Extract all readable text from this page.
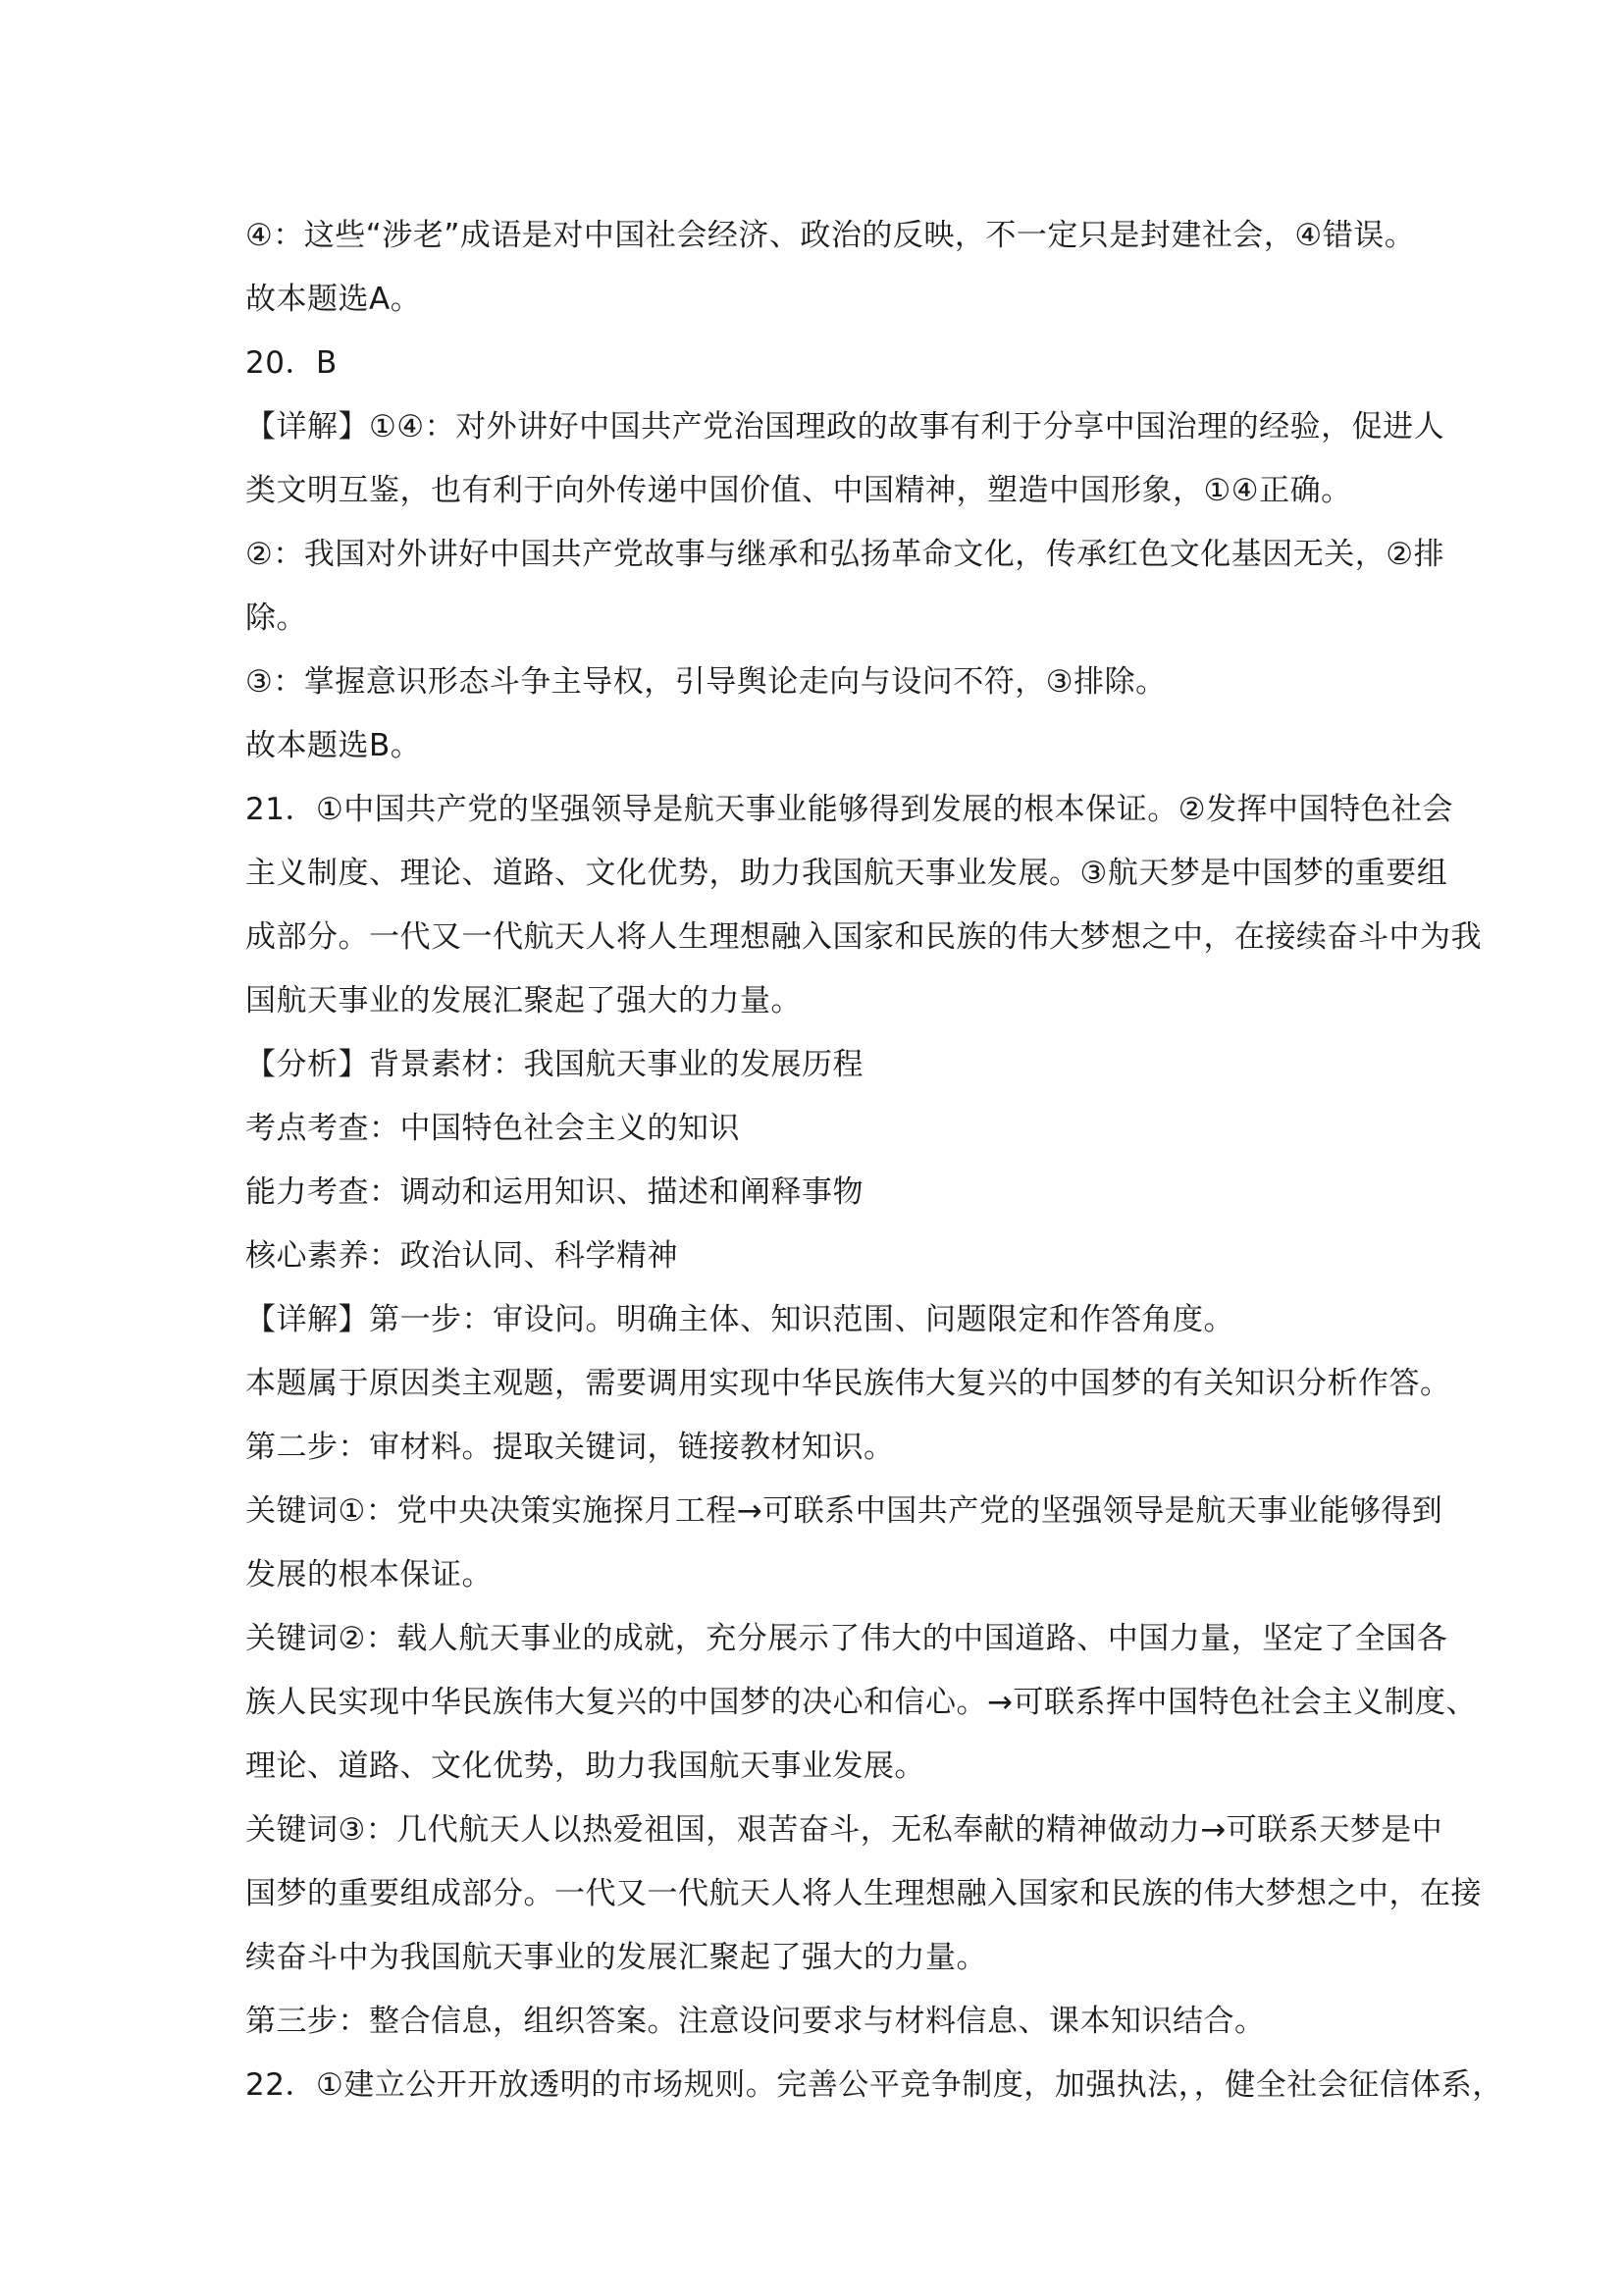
④：这些“涉老”成语是对中国社会经济、政治的反映，不一定只是封建社会，④错误。
故本题选A。
20．B
【详解】①④：对外讲好中国共产党治国理政的故事有利于分享中国治理的经验，促进人
类文明互鉴，也有利于向外传递中国价值、中国精神，塑造中国形象，①④正确。
②：我国对外讲好中国共产党故事与继承和弘扬革命文化，传承红色文化基因无关，②排
除。
③：掌握意识形态斗争主导权，引导舆论走向与设问不符，③排除。
故本题选B。
21．①中国共产党的坚强领导是航天事业能够得到发展的根本保证。②发挥中国特色社会
主义制度、理论、道路、文化优势，助力我国航天事业发展。③航天梦是中国梦的重要组
成部分。一代又一代航天人将人生理想融入国家和民族的伟大梦想之中，在接续奋斗中为我
国航天事业的发展汇聚起了强大的力量。
【分析】背景素材：我国航天事业的发展历程
考点考查：中国特色社会主义的知识
能力考查：调动和运用知识、描述和阐释事物
核心素养：政治认同、科学精神
【详解】第一步：审设问。明确主体、知识范围、问题限定和作答角度。
本题属于原因类主观题，需要调用实现中华民族伟大复兴的中国梦的有关知识分析作答。
第二步：审材料。提取关键词，链接教材知识。
关键词①：党中央决策实施探月工程→可联系中国共产党的坚强领导是航天事业能够得到
发展的根本保证。
关键词②：载人航天事业的成就，充分展示了伟大的中国道路、中国力量，坚定了全国各
族人民实现中华民族伟大复兴的中国梦的决心和信心。→可联系挥中国特色社会主义制度、
理论、道路、文化优势，助力我国航天事业发展。
关键词③：几代航天人以热爱祖国，艰苦奋斗，无私奉献的精神做动力→可联系天梦是中
国梦的重要组成部分。一代又一代航天人将人生理想融入国家和民族的伟大梦想之中，在接
续奋斗中为我国航天事业的发展汇聚起了强大的力量。
第三步：整合信息，组织答案。注意设问要求与材料信息、课本知识结合。
22．①建立公开开放透明的市场规则。完善公平竞争制度，加强执法，，健全社会征信体系，
